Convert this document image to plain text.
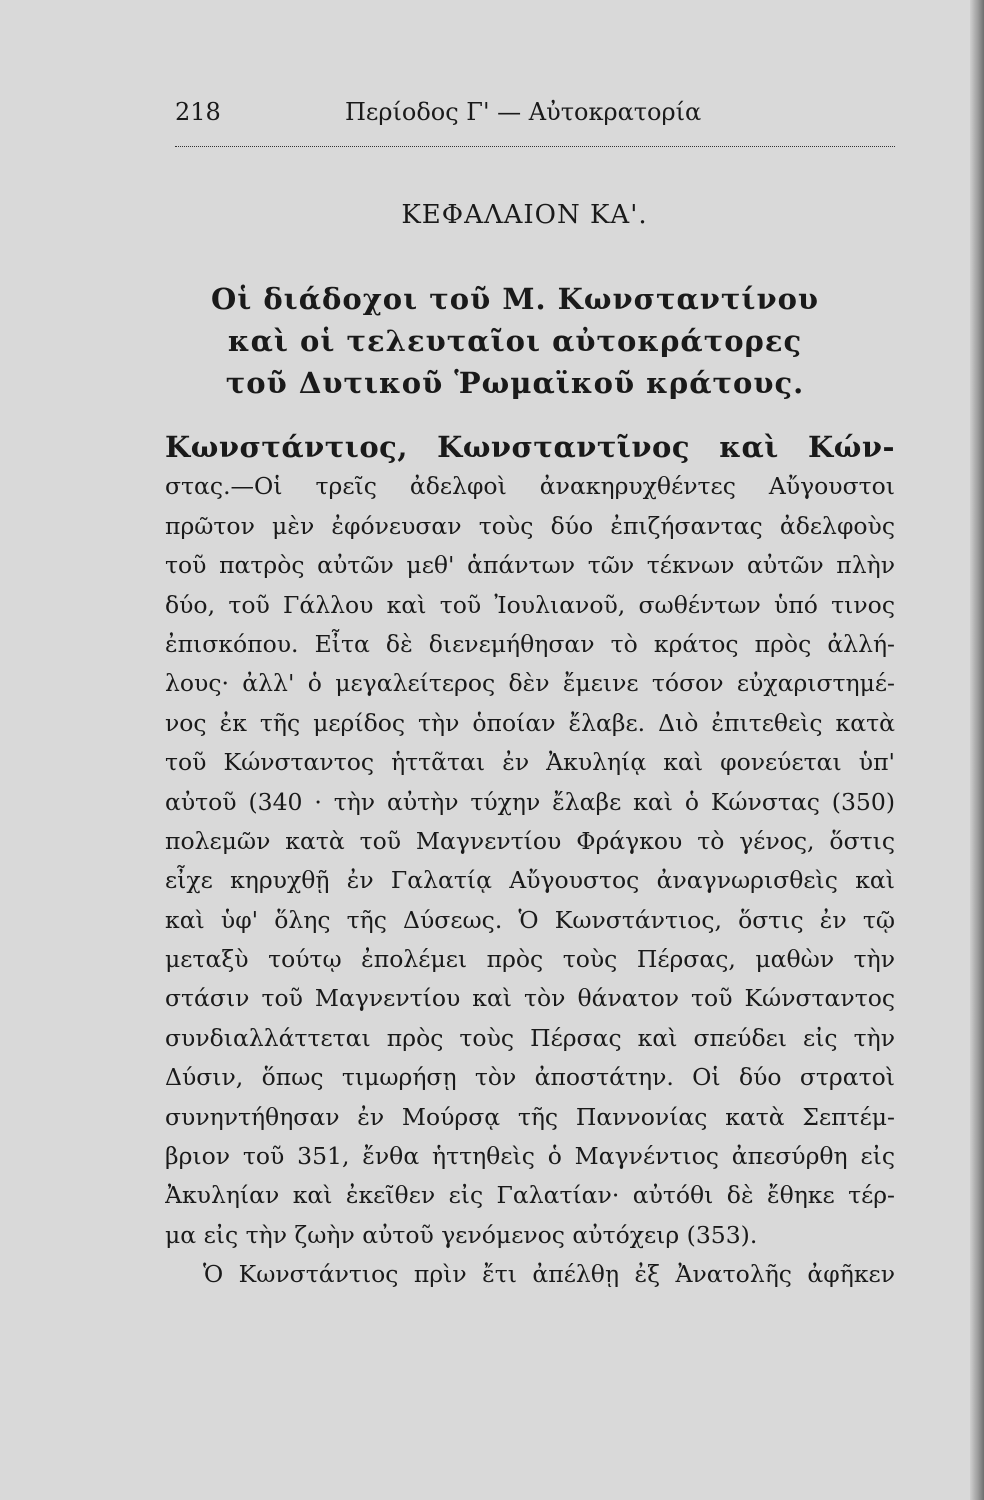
218	Περίοδος Γ' — Αὐτοκρατορία
ΚΕΦΑΛΑΙΟΝ ΚΑ'.
Οἱ διάδοχοι τοῦ Μ. Κωνσταντίνου
καὶ οἱ τελευταῖοι αὐτοκράτορες
τοῦ Δυτικοῦ Ῥωμαϊκοῦ κράτους.
Κωνστάντιος, Κωνσταντῖνος καὶ Κών-
στας.—Οἱ τρεῖς ἀδελφοὶ ἀνακηρυχθέντες Αὔγουστοι
πρῶτον μὲν ἐφόνευσαν τοὺς δύο ἐπιζήσαντας ἀδελφοὺς
τοῦ πατρὸς αὐτῶν μεθ' ἁπάντων τῶν τέκνων αὐτῶν πλὴν
δύο, τοῦ Γάλλου καὶ τοῦ Ἰουλιανοῦ, σωθέντων ὑπό τινος
ἐπισκόπου. Εἶτα δὲ διενεμήθησαν τὸ κράτος πρὸς ἀλλή-
λους· ἀλλ' ὁ μεγαλείτερος δὲν ἔμεινε τόσον εὐχαριστημέ-
νος ἐκ τῆς μερίδος τὴν ὁποίαν ἔλαβε. Διὸ ἐπιτεθεὶς κατὰ
τοῦ Κώνσταντος ἡττᾶται ἐν Ἀκυληίᾳ καὶ φονεύεται ὑπ'
αὐτοῦ (340 · τὴν αὐτὴν τύχην ἔλαβε καὶ ὁ Κώνστας (350)
πολεμῶν κατὰ τοῦ Μαγνεντίου Φράγκου τὸ γένος, ὅστις
εἶχε κηρυχθῇ ἐν Γαλατίᾳ Αὔγουστος ἀναγνωρισθεὶς καὶ
καὶ ὑφ' ὅλης τῆς Δύσεως. Ὁ Κωνστάντιος, ὅστις ἐν τῷ
μεταξὺ τούτῳ ἐπολέμει πρὸς τοὺς Πέρσας, μαθὼν τὴν
στάσιν τοῦ Μαγνεντίου καὶ τὸν θάνατον τοῦ Κώνσταντος
συνδιαλλάττεται πρὸς τοὺς Πέρσας καὶ σπεύδει εἰς τὴν
Δύσιν, ὅπως τιμωρήσῃ τὸν ἀποστάτην. Οἱ δύο στρατοὶ
συνηντήθησαν ἐν Μούρσᾳ τῆς Παννονίας κατὰ Σεπτέμ-
βριον τοῦ 351, ἔνθα ἡττηθεὶς ὁ Μαγνέντιος ἀπεσύρθη εἰς
Ἀκυληίαν καὶ ἐκεῖθεν εἰς Γαλατίαν· αὐτόθι δὲ ἔθηκε τέρ-
μα εἰς τὴν ζωὴν αὐτοῦ γενόμενος αὐτόχειρ (353).
Ὁ Κωνστάντιος πρὶν ἔτι ἀπέλθῃ ἐξ Ἀνατολῆς ἀφῆκεν
